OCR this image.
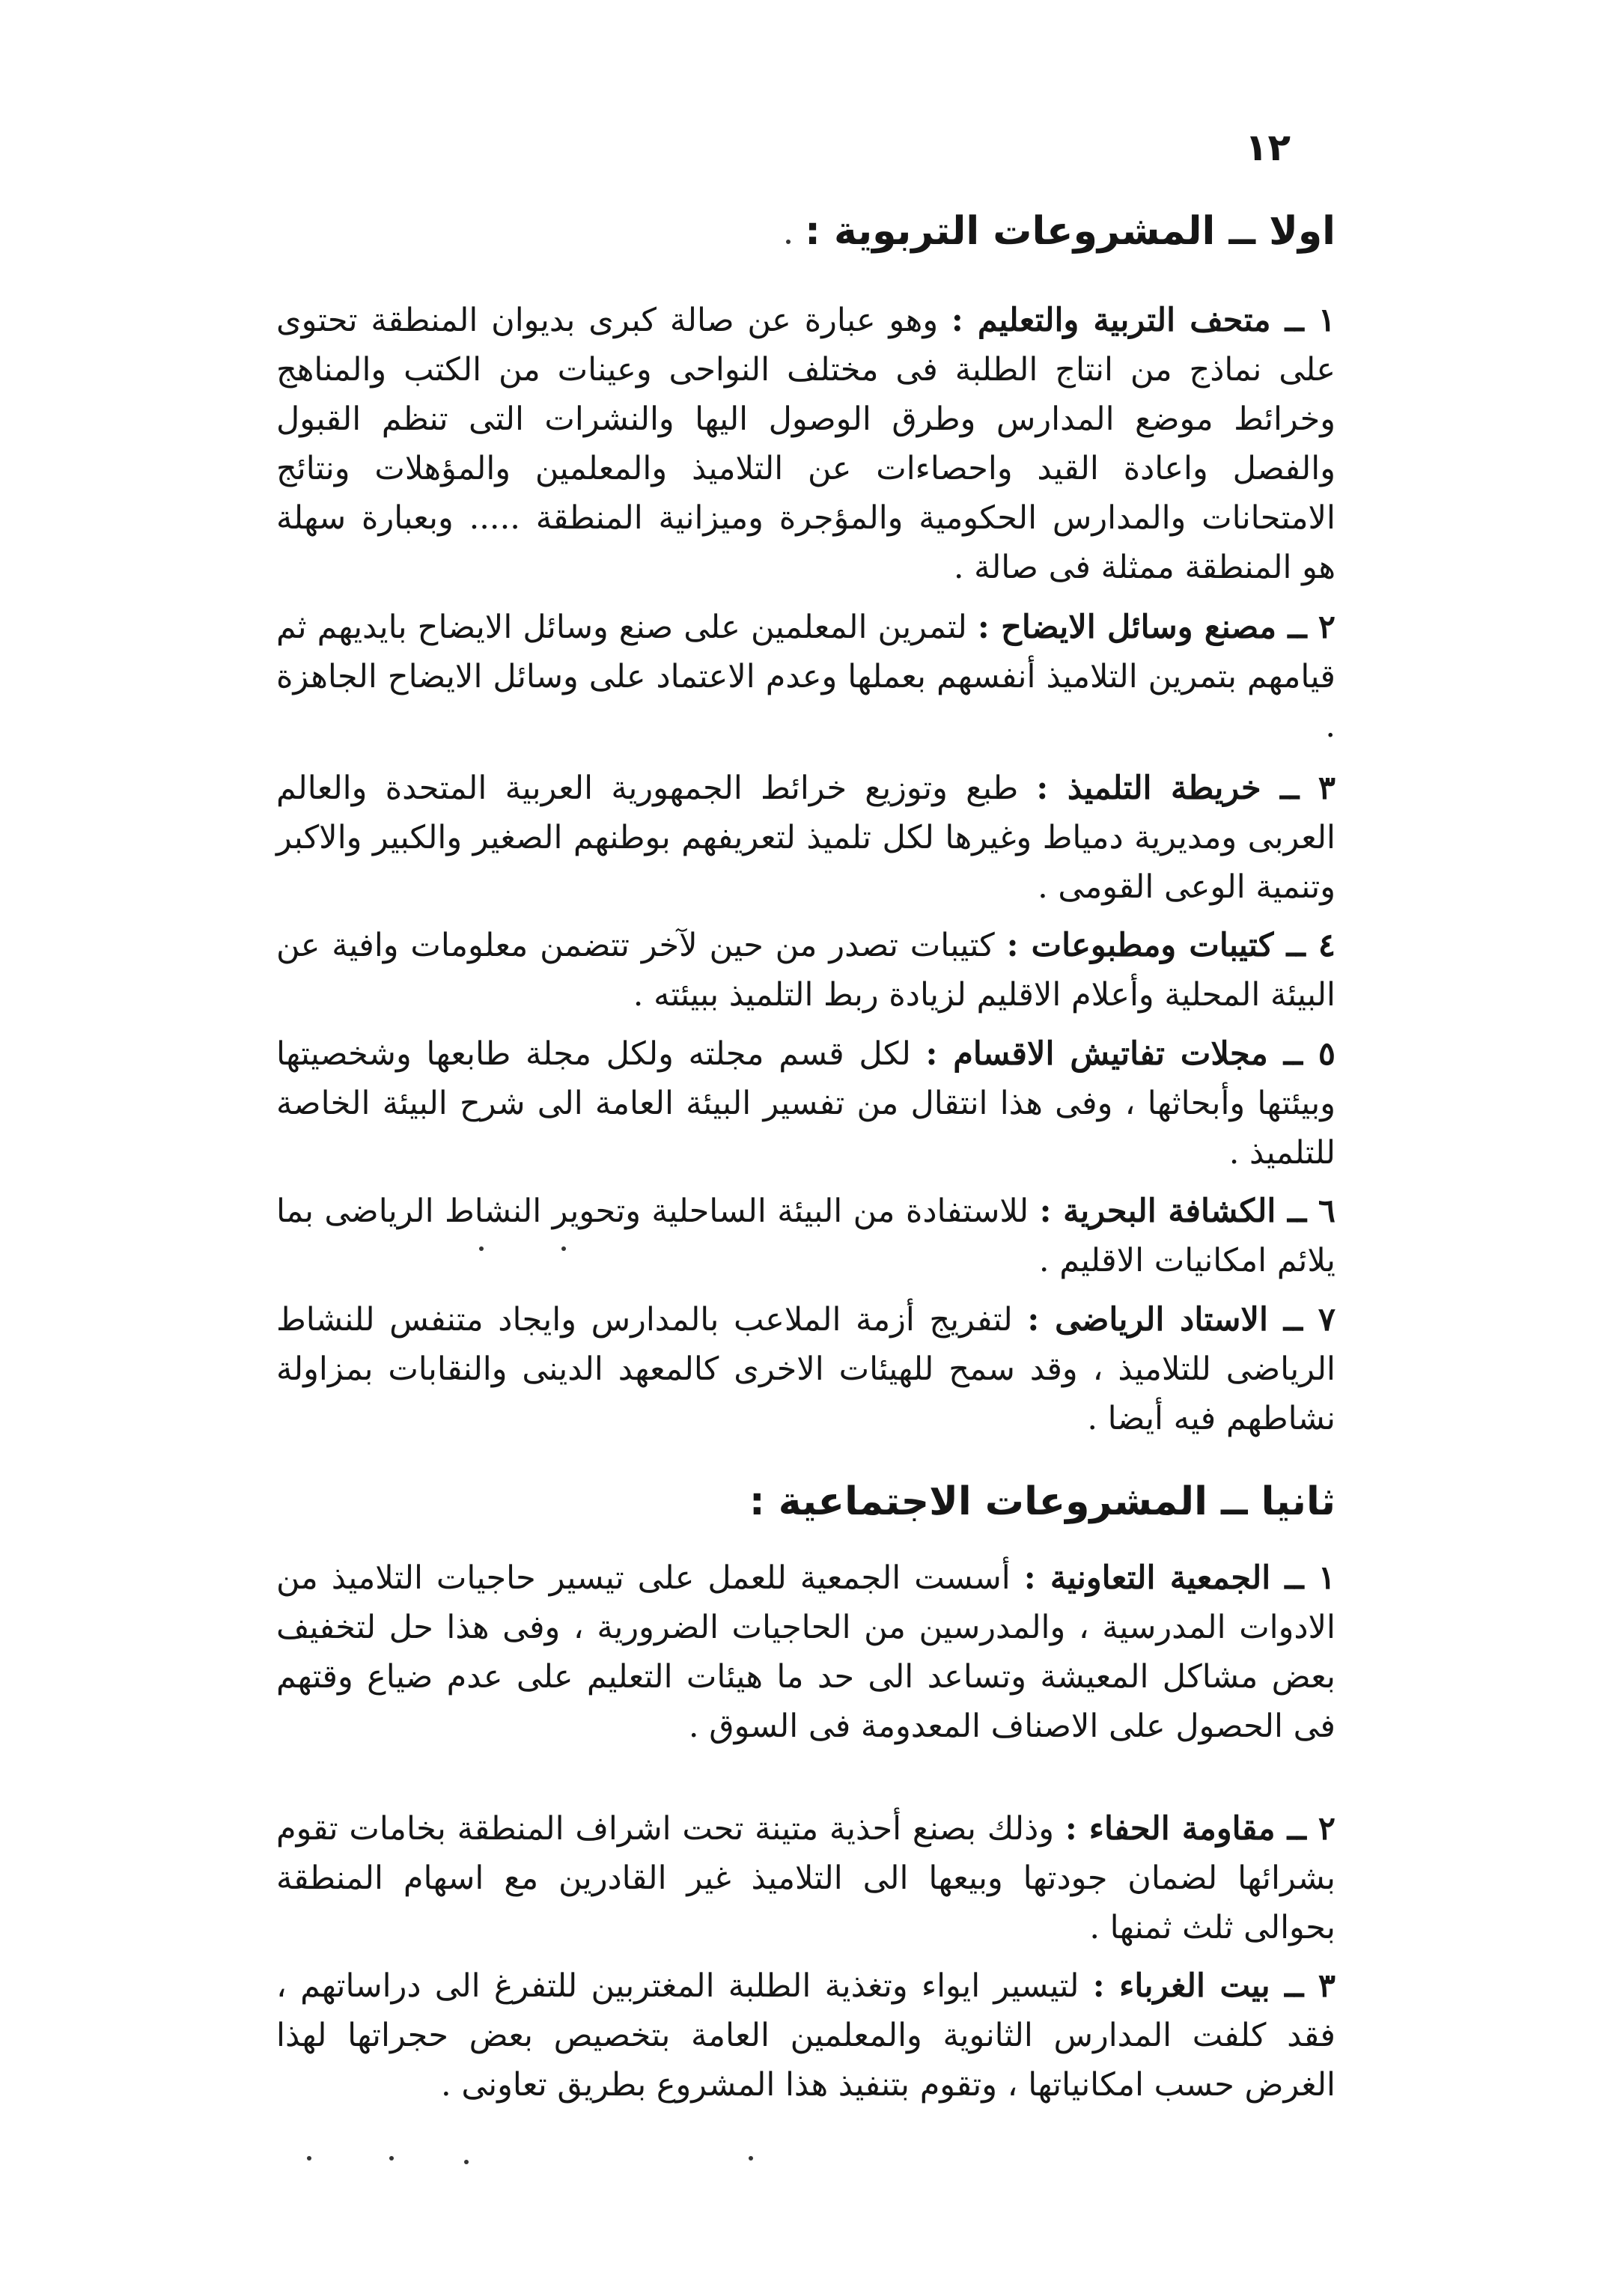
١٢
اولا ــ المشروعات التربوية :
١ ــ متحف التربية والتعليم : وهو عبارة عن صالة كبرى بديوان المنطقة تحتوى على نماذج من انتاج الطلبة فى مختلف النواحى وعينات من الكتب والمناهج وخرائط موضع المدارس وطرق الوصول اليها والنشرات التى تنظم القبول والفصل واعادة القيد واحصاءات عن التلاميذ والمعلمين والمؤهلات ونتائج الامتحانات والمدارس الحكومية والمؤجرة وميزانية المنطقة ..... وبعبارة سهلة هو المنطقة ممثلة فى صالة .
٢ ــ مصنع وسائل الايضاح : لتمرين المعلمين على صنع وسائل الايضاح بايديهم ثم قيامهم بتمرين التلاميذ أنفسهم بعملها وعدم الاعتماد على وسائل الايضاح الجاهزة .
٣ ــ خريطة التلميذ : طبع وتوزيع خرائط الجمهورية العربية المتحدة والعالم العربى ومديرية دمياط وغيرها لكل تلميذ لتعريفهم بوطنهم الصغير والكبير والاكبر وتنمية الوعى القومى .
٤ ــ كتيبات ومطبوعات : كتيبات تصدر من حين لآخر تتضمن معلومات وافية عن البيئة المحلية وأعلام الاقليم لزيادة ربط التلميذ ببيئته .
٥ ــ مجلات تفاتيش الاقسام : لكل قسم مجلته ولكل مجلة طابعها وشخصيتها وبيئتها وأبحاثها ، وفى هذا انتقال من تفسير البيئة العامة الى شرح البيئة الخاصة للتلميذ .
٦ ــ الكشافة البحرية : للاستفادة من البيئة الساحلية وتحوير النشاط الرياضى بما يلائم امكانيات الاقليم .
٧ ــ الاستاد الرياضى : لتفريج أزمة الملاعب بالمدارس وايجاد متنفس للنشاط الرياضى للتلاميذ ، وقد سمح للهيئات الاخرى كالمعهد الدينى والنقابات بمزاولة نشاطهم فيه أيضا .
ثانيا ــ المشروعات الاجتماعية :
١ ــ الجمعية التعاونية : أسست الجمعية للعمل على تيسير حاجيات التلاميذ من الادوات المدرسية ، والمدرسين من الحاجيات الضرورية ، وفى هذا حل لتخفيف بعض مشاكل المعيشة وتساعد الى حد ما هيئات التعليم على عدم ضياع وقتهم فى الحصول على الاصناف المعدومة فى السوق .
٢ ــ مقاومة الحفاء : وذلك بصنع أحذية متينة تحت اشراف المنطقة بخامات تقوم بشرائها لضمان جودتها وبيعها الى التلاميذ غير القادرين مع اسهام المنطقة بحوالى ثلث ثمنها .
٣ ــ بيت الغرباء : لتيسير ايواء وتغذية الطلبة المغتربين للتفرغ الى دراساتهم ، فقد كلفت المدارس الثانوية والمعلمين العامة بتخصيص بعض حجراتها لهذا الغرض حسب امكانياتها ، وتقوم بتنفيذ هذا المشروع بطريق تعاونى .
